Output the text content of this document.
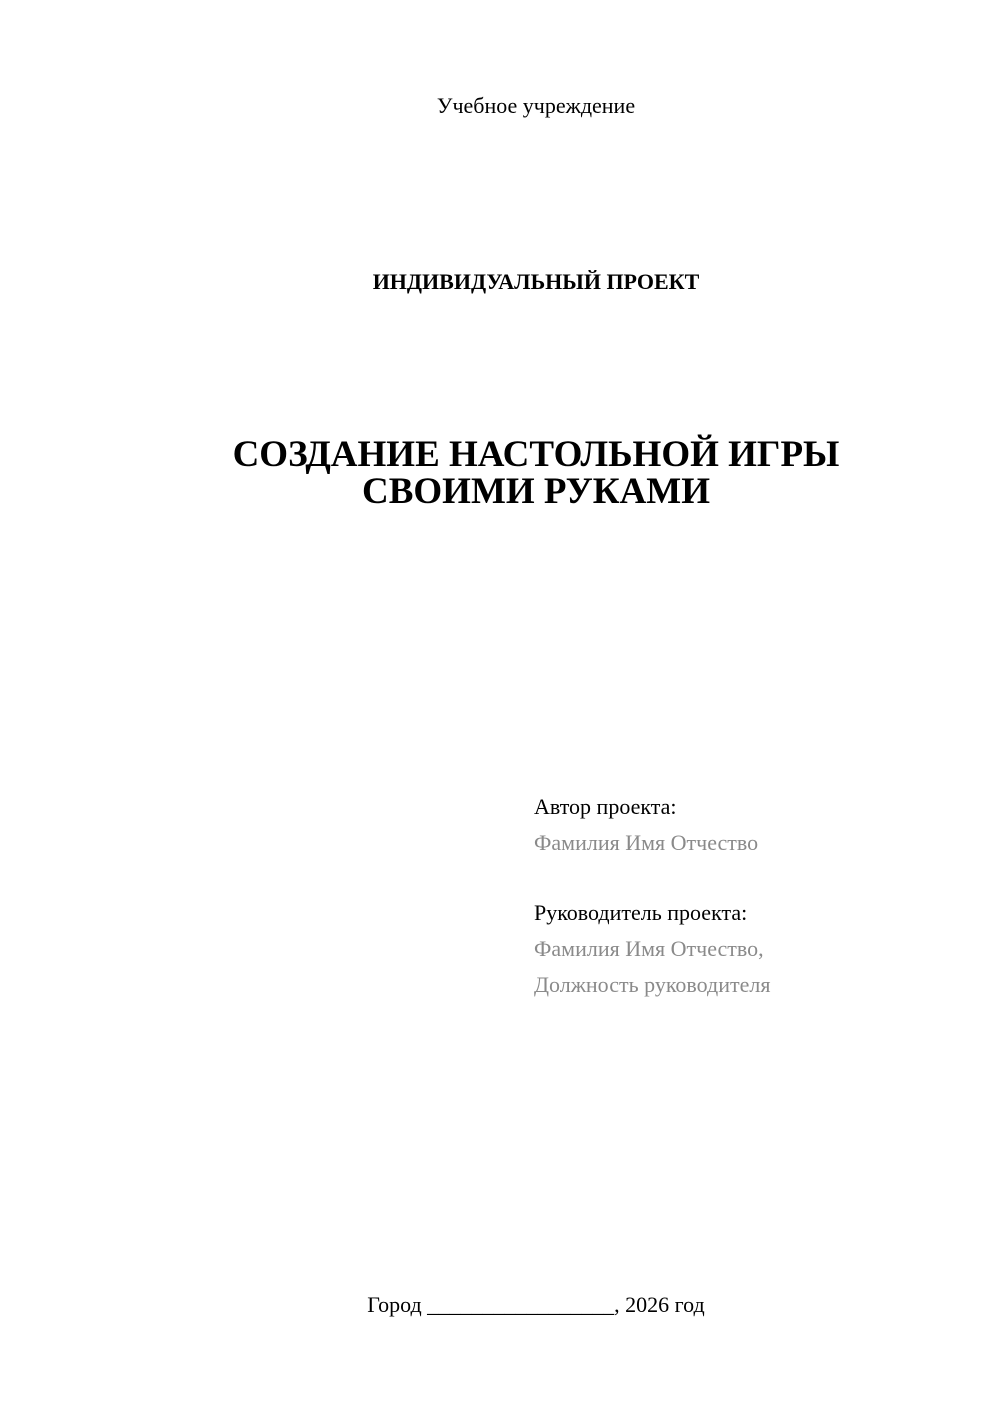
Учебное учреждение
ИНДИВИДУАЛЬНЫЙ ПРОЕКТ
СОЗДАНИЕ НАСТОЛЬНОЙ ИГРЫ
СВОИМИ РУКАМИ
Автор проекта:
Фамилия Имя Отчество
Руководитель проекта:
Фамилия Имя Отчество,
Должность руководителя
Город _________________, 2026 год
